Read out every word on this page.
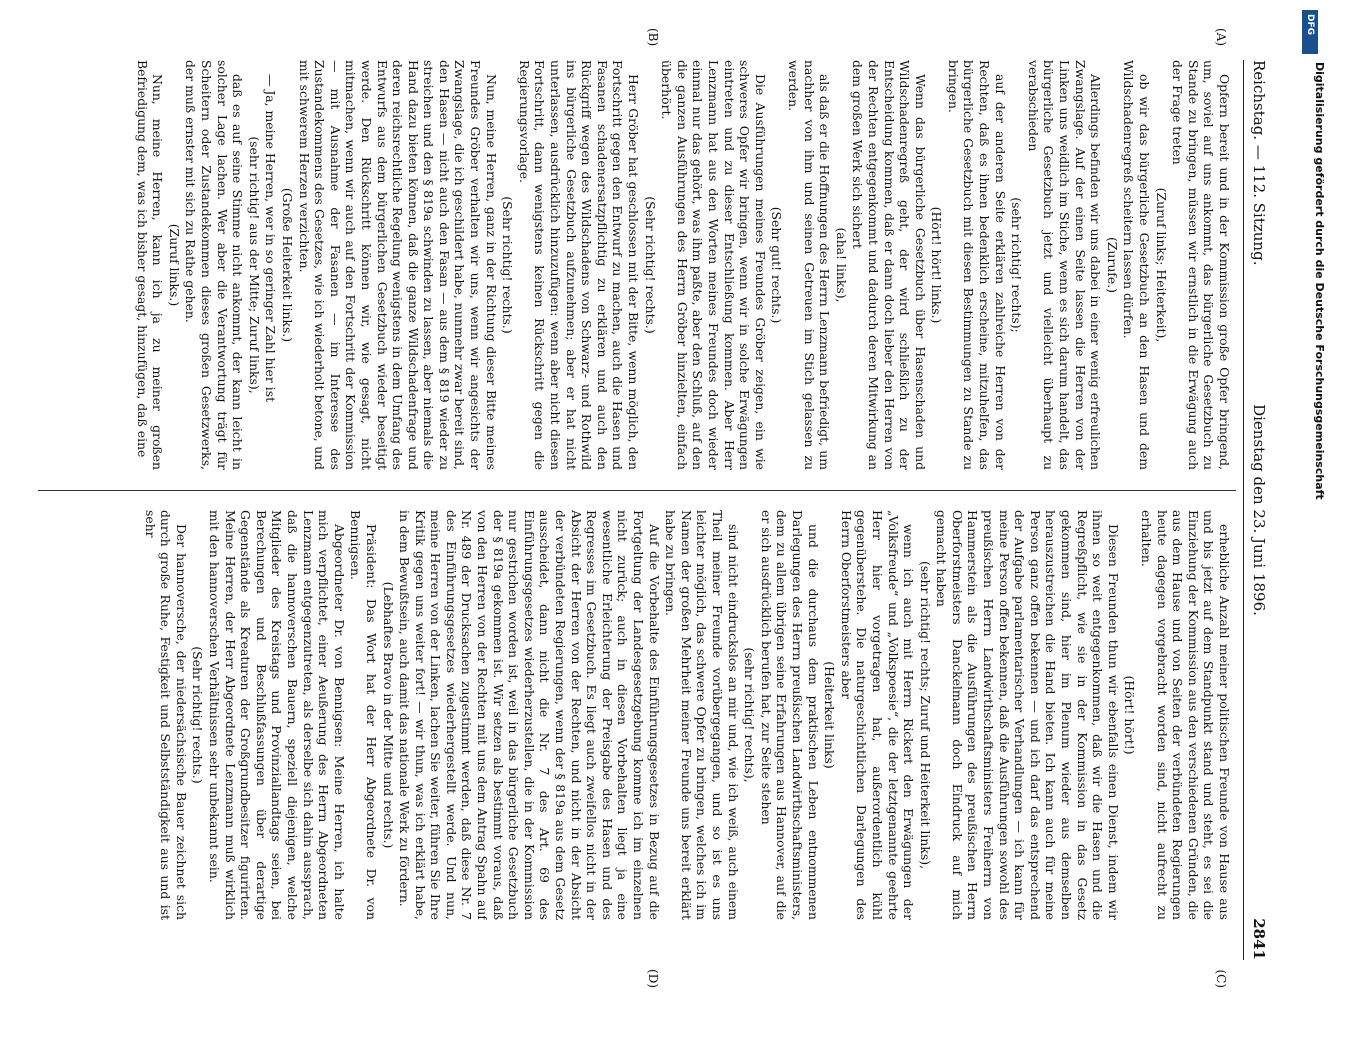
Reichstag. — 112. Sitzung.
Dienstag den 23. Juni 1896.
2841
(A)
(B)
(C)
(D)

Opfern bereit und in der Kommission große Opfer bringend, um, soviel auf uns ankommt, das bürgerliche Gesetzbuch zu Stande zu bringen, müssen wir ernstlich in die Erwägung auch der Frage treten

(Zuruf links; Heiterkeit),

ob wir das bürgerliche Gesetzbuch an den Hasen und dem Wildschadenregreß scheitern lassen dürfen.

(Zurufe.)

Allerdings befinden wir uns dabei in einer wenig erfreulichen Zwangslage. Auf der einen Seite lassen die Herren von der Linken uns weidlich im Stiche, wenn es sich darum handelt, das bürgerliche Gesetzbuch jetzt und vielleicht überhaupt zu verabschieden

(sehr richtig! rechts);

auf der anderen Seite erklären zahlreiche Herren von der Rechten, daß es ihnen bedenklich erscheine, mitzuhelfen, das bürgerliche Gesetzbuch mit diesen Bestimmungen zu Stande zu bringen.

(Hört! hört! links.)

Wenn das bürgerliche Gesetzbuch über Hasenschaden und Wildschadenregreß geht, der wird schließlich zu der Entscheidung kommen, daß er dann doch lieber den Herren von der Rechten entgegenkommt und dadurch deren Mitwirkung an dem großen Werk sich sichert

(aha! links),

als daß er die Hoffnungen des Herrn Lenzmann befriedigt, um nachher von ihm und seinen Getreuen im Stich gelassen zu werden.

(Sehr gut! rechts.)

Die Ausführungen meines Freundes Gröber zeigen, ein wie schweres Opfer wir bringen, wenn wir in solche Erwägungen eintreten und zu dieser Entschließung kommen. Aber Herr Lenzmann hat aus den Worten meines Freundes doch wieder einmal nur das gehört, was ihm paßte, aber den Schluß, auf den die ganzen Ausführungen des Herrn Gröber hinzielten, einfach überhört.

(Sehr richtig! rechts.)

Herr Gröber hat geschlossen mit der Bitte, wenn möglich, den Fortschritt gegen den Entwurf zu machen, auch die Hasen und Fasanen schadenersatzpflichtig zu erklären und auch den Rückgriff wegen des Wildschadens von Schwarz- und Rothwild ins bürgerliche Gesetzbuch aufzunehmen; aber er hat nicht unterlassen, ausdrücklich hinzuzufügen: wenn aber nicht diesen Fortschritt, dann wenigstens keinen Rückschritt gegen die Regierungsvorlage.

(Sehr richtig! rechts.)

Nun, meine Herren, ganz in der Richtung dieser Bitte meines Freundes Gröber verhalten wir uns, wenn wir angesichts der Zwangslage, die ich geschildert habe, nunmehr zwar bereit sind, den Hasen — nicht auch den Fasan — aus dem § 819 wieder zu streichen und den § 819a schwinden zu lassen, aber niemals die Hand dazu bieten können, daß die ganze Wildschadenfrage und deren reichsrechtliche Regelung wenigstens in dem Umfang des Entwurfs aus dem bürgerlichen Gesetzbuch wieder beseitigt werde. Den Rückschritt können wir, wie gesagt, nicht mitmachen, wenn wir auch auf den Fortschritt der Kommission — mit Ausnahme der Fasanen — im Interesse des Zustandekommens des Gesetzes, wie ich wiederholt betone, und mit schwerem Herzen verzichten.

(Große Heiterkeit links.)

— Ja, meine Herren, wer in so geringer Zahl hier ist

(sehr richtig! aus der Mitte; Zuruf links),

daß es auf seine Stimme nicht ankommt, der kann leicht in solcher Lage lachen. Wer aber die Verantwortung trägt für Scheitern oder Zustandekommen dieses großen Gesetzwerks, der muß ernster mit sich zu Rathe gehen.

(Zuruf links.)

Nun, meine Herren, kann ich ja zu meiner großen Befriedigung dem, was ich bisher gesagt, hinzufügen, daß eine

erhebliche Anzahl meiner politischen Freunde von Hause aus und bis jetzt auf dem Standpunkt stand und steht, es sei die Einziehung der Kommission aus den verschiedenen Gründen, die aus dem Hause und von Seiten der verbündeten Regierungen heute dagegen vorgebracht worden sind, nicht aufrecht zu erhalten.

(Hört! hört!)

Diesen Freunden thun wir ebenfalls einen Dienst, indem wir ihnen so weit entgegenkommen, daß wir die Hasen und die Regreßpflicht, wie sie in der Kommission in das Gesetz gekommen sind, hier im Plenum wieder aus demselben herauszustreichen die Hand bieten. Ich kann auch für meine Person ganz offen bekennen — und ich darf das entsprechend der Aufgabe parlamentarischer Verhandlungen — ich kann für meine Person offen bekennen, daß die Ausführungen sowohl des preußischen Herrn Landwirthschaftsministers Freiherrn von Hammerstein als die Ausführungen des preußischen Herrn Oberforstmeisters Danckelmann doch Eindruck auf mich gemacht haben

(sehr richtig! rechts; Zuruf und Heiterkeit links),

wenn ich auch mit Herrn Rickert den Erwägungen der „Volksfreude“ und „Volkspoesie“, die der letztgenannte geehrte Herr hier vorgetragen hat, außerordentlich kühl gegenüberstehe. Die naturgeschichtlichen Darlegungen des Herrn Oberforstmeisters aber

(Heiterkeit links)

und die durchaus dem praktischen Leben entnommenen Darlegungen des Herrn preußischen Landwirthschaftsministers, dem zu allem übrigen seine Erfahrungen aus Hannover, auf die er sich ausdrücklich berufen hat, zur Seite stehen

(sehr richtig! rechts),

sind nicht eindruckslos an mir und, wie ich weiß, auch einem Theil meiner Freunde vorübergegangen, und so ist es uns leichter möglich, das schwere Opfer zu bringen, welches ich im Namen der großen Mehrheit meiner Freunde uns bereit erklärt habe zu bringen.

Auf die Vorbehalte des Einführungsgesetzes in Bezug auf die Fortgeltung der Landesgesetzgebung komme ich im einzelnen nicht zurück; auch in diesen Vorbehalten liegt ja eine wesentliche Erleichterung der Preisgabe des Hasen und des Regresses im Gesetzbuch. Es liegt auch zweifellos nicht in der Absicht der Herren von der Rechten, und nicht in der Absicht der verbündeten Regierungen, wenn der § 819a aus dem Gesetz ausscheidet, dann nicht die Nr. 7 des Art. 69 des Einführungsgesetzes wiederherzustellen, die in der Kommission nur gestrichen worden ist, weil in das bürgerliche Gesetzbuch der § 819a gekommen ist. Wir setzen als bestimmt voraus, daß von den Herren von der Rechten mit uns dem Antrag Spahn auf Nr. 489 der Drucksachen zugestimmt werden, daß diese Nr. 7 des Einführungsgesetzes wiederhergestellt werde. Und nun, meine Herren von der Linken, lachen Sie weiter, führen Sie Ihre Kritik gegen uns weiter fort! — wir thun, was ich erklärt habe, in dem Bewußtsein, auch damit das nationale Werk zu fördern.

(Lebhaftes Bravo in der Mitte und rechts.)

Präsident: Das Wort hat der Herr Abgeordnete Dr. von Bennigsen.

Abgeordneter Dr. von Bennigsen: Meine Herren, ich halte mich verpflichtet, einer Aeußerung des Herrn Abgeordneten Lenzmann entgegenzutreten, als derselbe sich dahin aussprach, daß die hannoverschen Bauern, speziell diejenigen, welche Mitglieder des Kreistags und Provinziallandtags seien, bei Berechungen und Beschlußfassungen über derartige Gegenstände als Kreaturen der Großgrundbesitzer figurirten. Meine Herren, der Herr Abgeordnete Lenzmann muß wirklich mit den hannoverschen Verhältnissen sehr unbekannt sein.

(Sehr richtig! rechts.)

Der hannoversche, der niedersächsische Bauer zeichnet sich durch große Ruhe, Festigkeit und Selbstständigkeit aus und ist sehr

DFG
Digitalisierung gefördert durch die Deutsche Forschungsgemeinschaft
